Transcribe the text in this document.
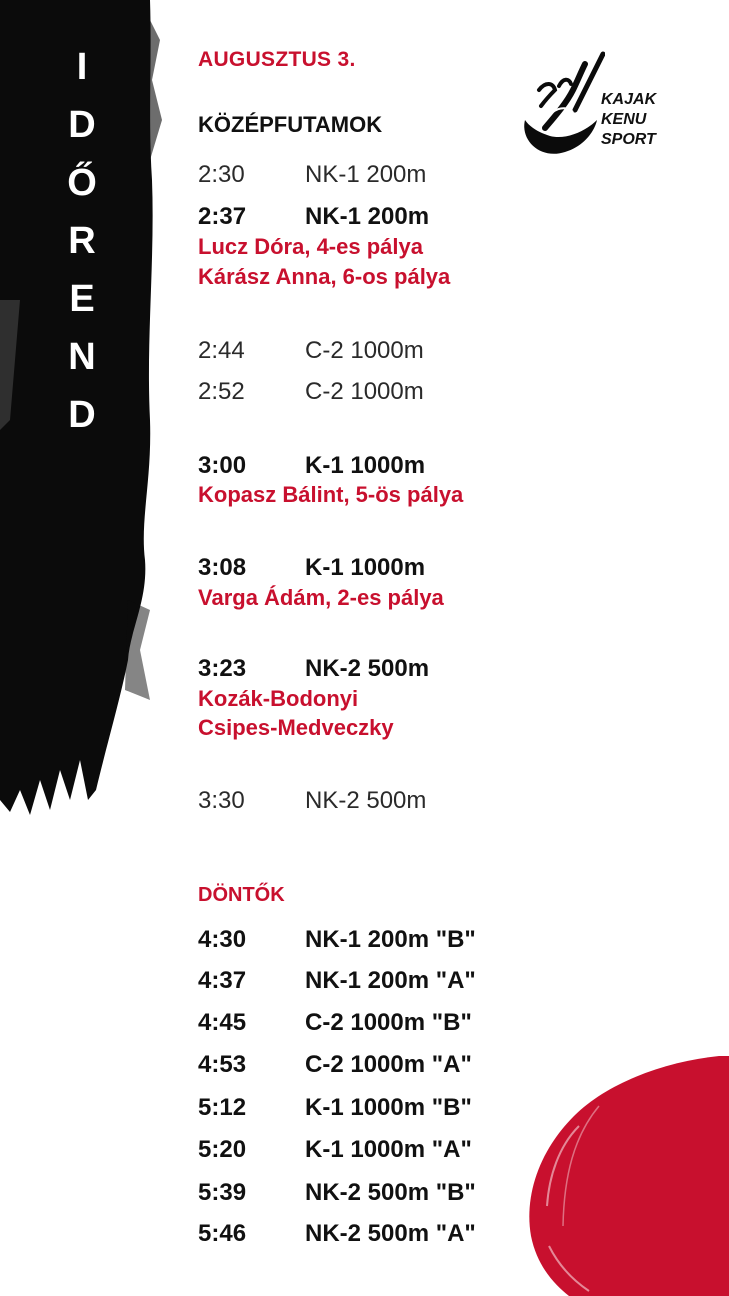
I
D
Ő
R
E
N
D
KAJAK
KENU
SPORT
AUGUSZTUS 3.
KÖZÉPFUTAMOK
2:30	NK-1 200m
2:37	NK-1 200m
Lucz Dóra, 4-es pálya
Kárász Anna, 6-os pálya
2:44	C-2 1000m
2:52	C-2 1000m
3:00	K-1 1000m
Kopasz Bálint, 5-ös pálya
3:08	K-1 1000m
Varga Ádám, 2-es pálya
3:23	NK-2 500m
Kozák-Bodonyi
Csipes-Medveczky
3:30	NK-2 500m
DÖNTŐK
4:30	NK-1 200m "B"
4:37	NK-1 200m "A"
4:45	C-2 1000m "B"
4:53	C-2 1000m "A"
5:12	K-1 1000m "B"
5:20	K-1 1000m "A"
5:39	NK-2 500m "B"
5:46	NK-2 500m "A"
